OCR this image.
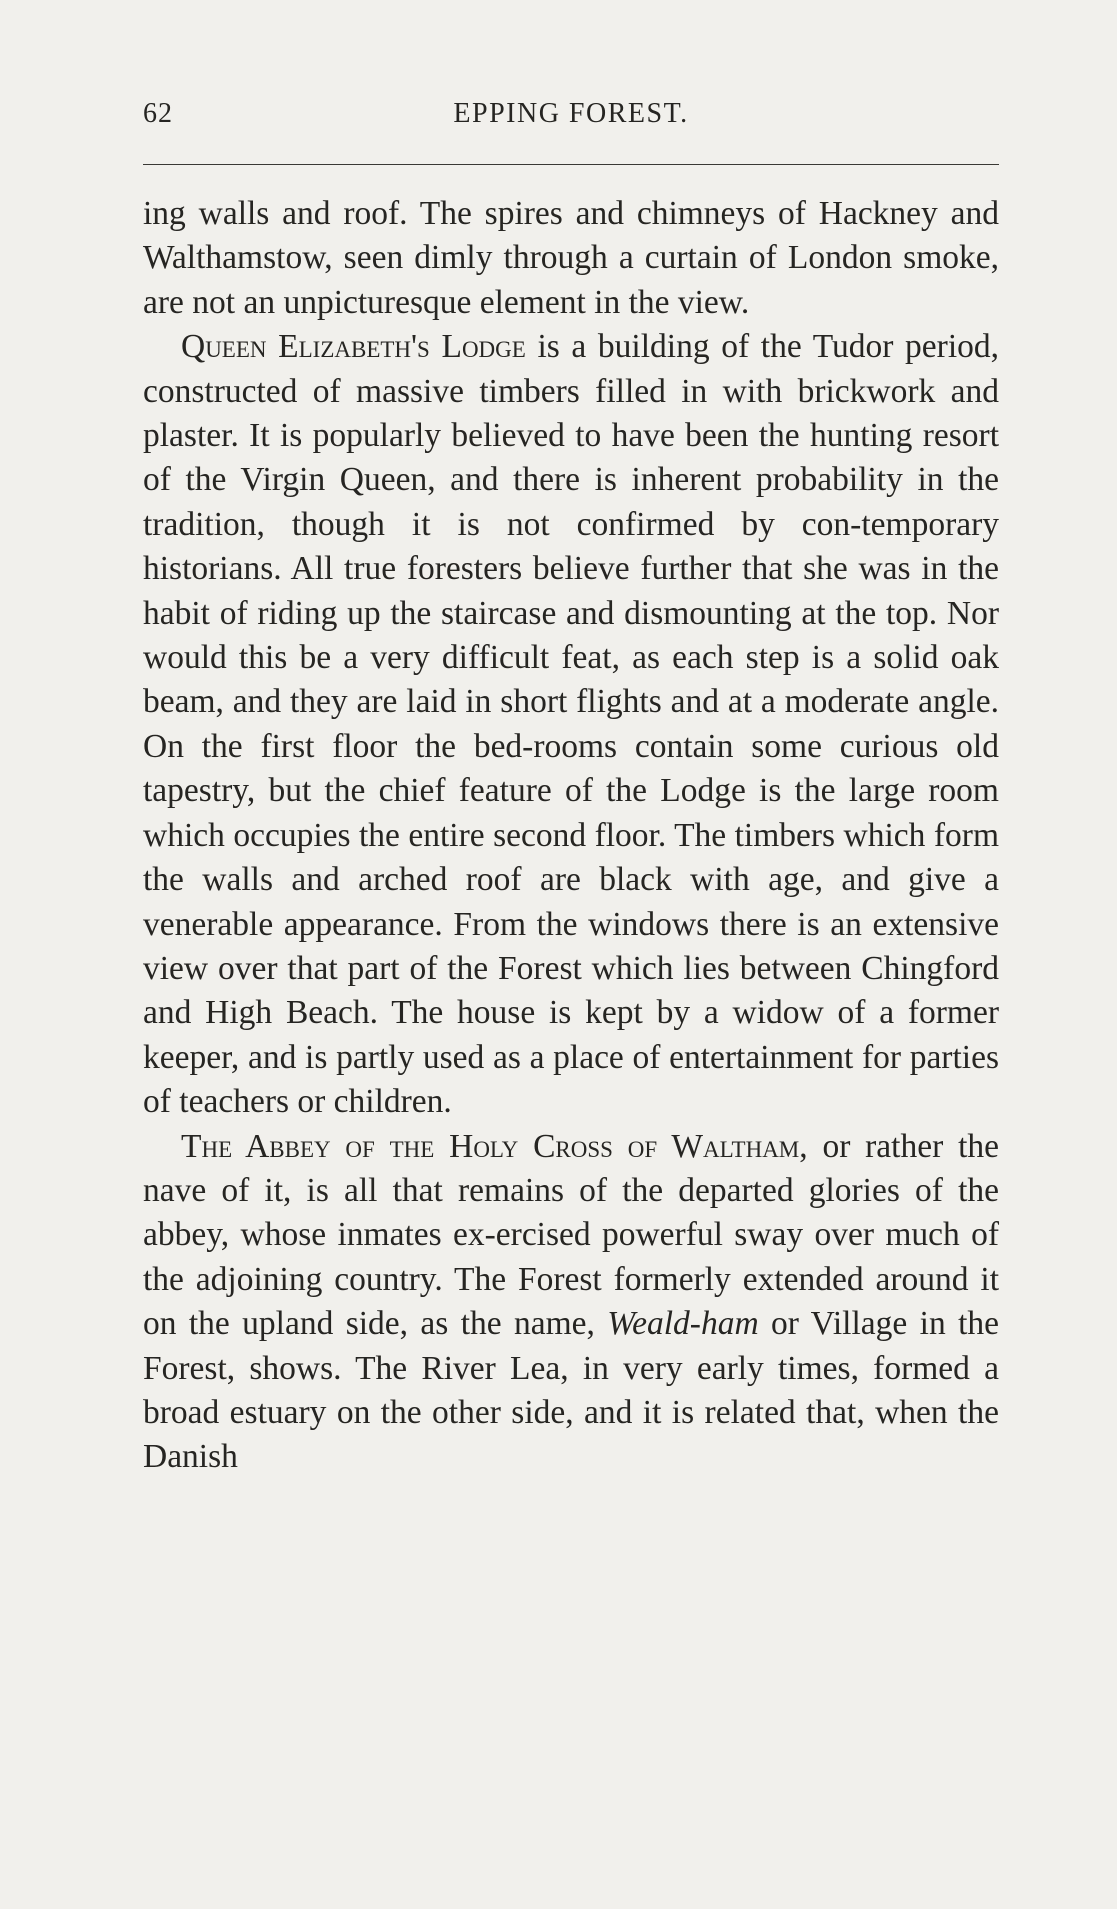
62	EPPING FOREST.

ing walls and roof. The spires and chimneys of Hackney and Walthamstow, seen dimly through a curtain of London smoke, are not an unpicturesque element in the view.

Queen Elizabeth's Lodge is a building of the Tudor period, constructed of massive timbers filled in with brickwork and plaster. It is popularly believed to have been the hunting resort of the Virgin Queen, and there is inherent probability in the tradition, though it is not confirmed by con-temporary historians. All true foresters believe further that she was in the habit of riding up the staircase and dismounting at the top. Nor would this be a very difficult feat, as each step is a solid oak beam, and they are laid in short flights and at a moderate angle. On the first floor the bed-rooms contain some curious old tapestry, but the chief feature of the Lodge is the large room which occupies the entire second floor. The timbers which form the walls and arched roof are black with age, and give a venerable appearance. From the windows there is an extensive view over that part of the Forest which lies between Chingford and High Beach. The house is kept by a widow of a former keeper, and is partly used as a place of entertainment for parties of teachers or children.

The Abbey of the Holy Cross of Waltham, or rather the nave of it, is all that remains of the departed glories of the abbey, whose inmates ex-ercised powerful sway over much of the adjoining country. The Forest formerly extended around it on the upland side, as the name, Weald-ham or Village in the Forest, shows. The River Lea, in very early times, formed a broad estuary on the other side, and it is related that, when the Danish
